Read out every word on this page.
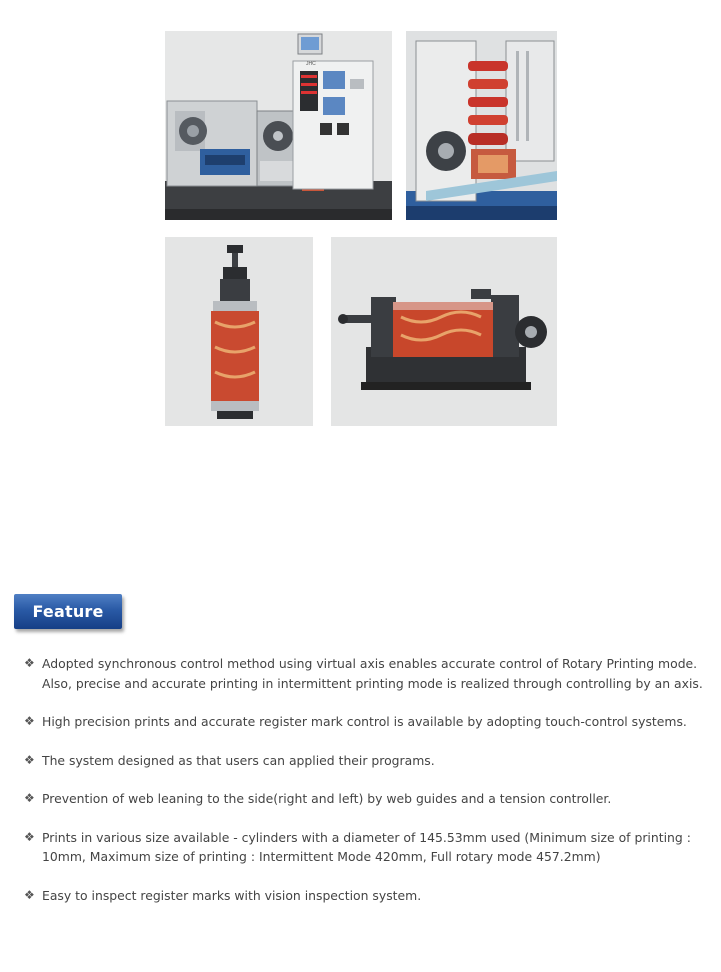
JHC
Feature
❖ Adopted synchronous control method using virtual axis enables accurate control of Rotary Printing mode. Also, precise and accurate printing in intermittent printing mode is realized through controlling by an axis.
❖ High precision prints and accurate register mark control is available by adopting touch-control systems.
❖ The system designed as that users can applied their programs.
❖ Prevention of web leaning to the side(right and left) by web guides and a tension controller.
❖ Prints in various size available - cylinders with a diameter of 145.53mm used (Minimum size of printing : 10mm, Maximum size of printing : Intermittent Mode 420mm, Full rotary mode 457.2mm)
❖ Easy to inspect register marks with vision inspection system.
